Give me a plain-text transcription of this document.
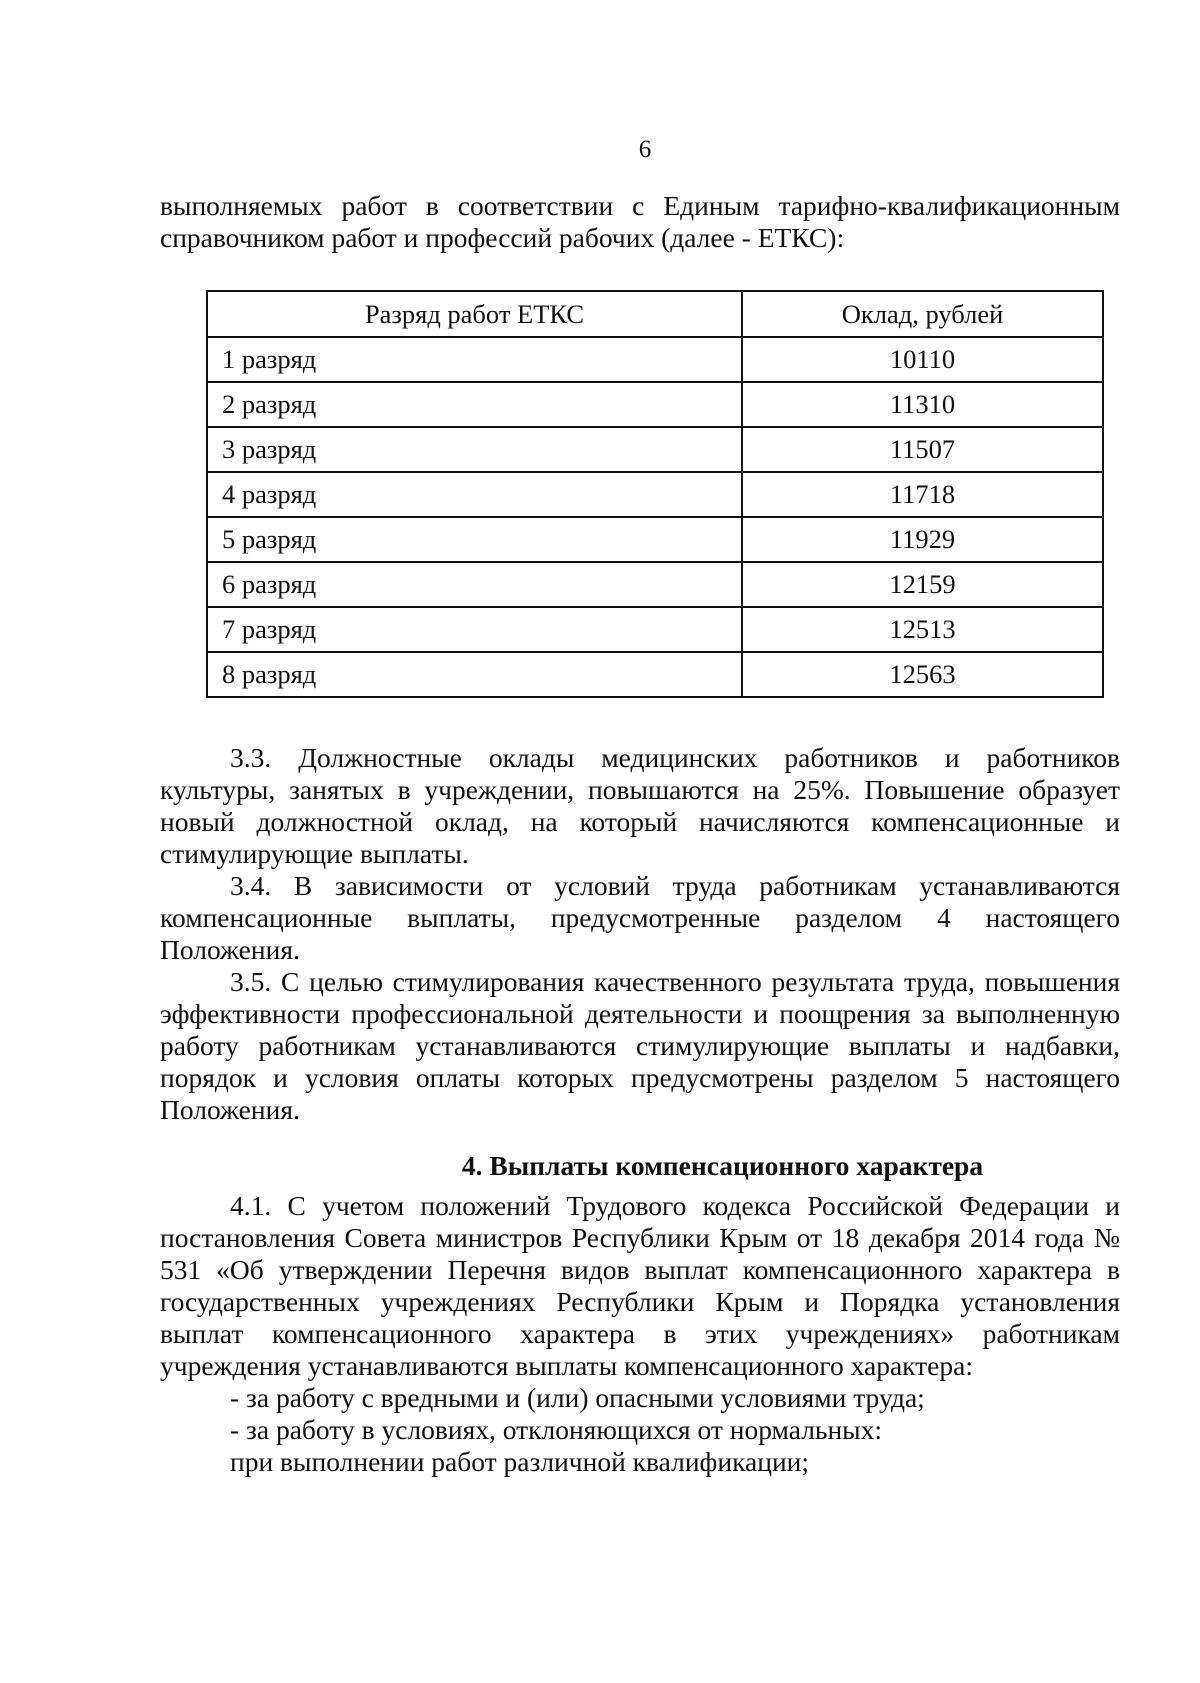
6
выполняемых работ в соответствии с Единым тарифно-квалификационным справочником работ и профессий рабочих (далее - ЕТКС):
Разряд работ ЕТКС	Оклад, рублей
1 разряд	10110
2 разряд	11310
3 разряд	11507
4 разряд	11718
5 разряд	11929
6 разряд	12159
7 разряд	12513
8 разряд	12563
3.3. Должностные оклады медицинских работников и работников культуры, занятых в учреждении, повышаются на 25%. Повышение образует новый должностной оклад, на который начисляются компенсационные и стимулирующие выплаты.
3.4. В зависимости от условий труда работникам устанавливаются компенсационные выплаты, предусмотренные разделом 4 настоящего Положения.
3.5. С целью стимулирования качественного результата труда, повышения эффективности профессиональной деятельности и поощрения за выполненную работу работникам устанавливаются стимулирующие выплаты и надбавки, порядок и условия оплаты которых предусмотрены разделом 5 настоящего Положения.
4. Выплаты компенсационного характера
4.1. С учетом положений Трудового кодекса Российской Федерации и постановления Совета министров Республики Крым от 18 декабря 2014 года № 531 «Об утверждении Перечня видов выплат компенсационного характера в государственных учреждениях Республики Крым и Порядка установления выплат компенсационного характера в этих учреждениях» работникам учреждения устанавливаются выплаты компенсационного характера:
- за работу с вредными и (или) опасными условиями труда;
- за работу в условиях, отклоняющихся от нормальных:
при выполнении работ различной квалификации;
